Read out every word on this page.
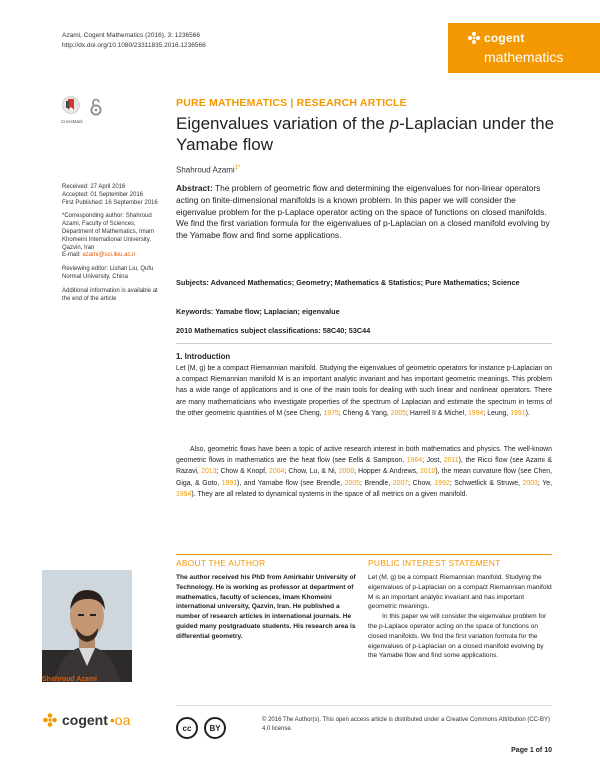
Azami, Cogent Mathematics (2016), 3: 1236566

http://dx.doi.org/10.1080/23311835.2016.1236566
cogent
mathematics
CrossMark
PURE MATHEMATICS | RESEARCH ARTICLE
Eigenvalues variation of the p-Laplacian under the Yamabe flow
Shahroud Azami$^{1*}$

Received: 27 April 2016
Accepted: 01 September 2016
First Published: 16 September 2016

*Corresponding author: Shahroud Azami, Faculty of Sciences, Department of Mathematics, Imam Khomeini International University, Qazvin, Iran
E-mail: azami@sci.ikiu.ac.ir

Reviewing editor: Lishan Liu, Qufu Normal University, China

Additional information is available at the end of the article

Abstract: The problem of geometric flow and determining the eigenvalues for non-linear operators acting on finite-dimensional manifolds is a known problem. In this paper we will consider the eigenvalue problem for the p-Laplace operator acting on the space of functions on closed manifolds. We find the first variation formula for the eigenvalues of p-Laplacian on a closed manifold evolving by the Yamabe flow and find some applications.
Subjects: Advanced Mathematics; Geometry; Mathematics & Statistics; Pure Mathematics; Science
Keywords: Yamabe flow; Laplacian; eigenvalue
2010 Mathematics subject classifications: 58C40; 53C44
1. Introduction
Let (M, g) be a compact Riemannian manifold. Studying the eigenvalues of geometric operators for instance p-Laplacian on a compact Riemannian manifold M is an important analytic invariant and has important geometric meanings. This problem has a wide range of applications and is one of the main tools for dealing with such linear and nonlinear operators. There are many mathematicians who investigate properties of the spectrum of Laplacian and estimate the spectrum in terms of the other geometric quantities of M (see Cheng, 1975; Cheng & Yang, 2005; Harrell II & Michel, 1994; Leung, 1991).
Also, geometric flows have been a topic of active research interest in both mathematics and physics. The well-known geometric flows in mathematics are the heat flow (see Eells & Sampson, 1964; Jost, 2011), the Ricci flow (see Azami & Razavi, 2013; Chow & Knopf, 2004; Chow, Lu, & Ni, 2006; Hopper & Andrews, 2010), the mean curvature flow (see Chen, Giga, & Goto, 1991), and Yamabe flow (see Brendle, 2005; Brendle, 2007; Chow, 1992; Schwetlick & Struwe, 2003; Ye, 1994). They are all related to dynamical systems in the space of all metrics on a given manifold.
ABOUT THE AUTHOR	PUBLIC INTEREST STATEMENT
Shahroud Azami
The author received his PhD from Amirkabir University of Technology. He is working as professor at department of mathematics, faculty of sciences, Imam Khomeini international university, Qazvin, Iran. He published a number of research articles in international journals. He guided many postgraduate students. His research area is differential geometry.
Let (M, g) be a compact Riemannian manifold. Studying the eigenvalues of p-Laplacian on a compact Riemannian manifold M is an important analytic invariant and has important geometric meanings.
In this paper we will consider the eigenvalue problem for the p-Laplace operator acting on the space of functions on closed manifolds. We find the first variation formula for the eigenvalues of p-Laplacian on a closed manifold evolving by the Yamabe flow and find some applications.
cogent •oa	cc	BY
© 2016 The Author(s). This open access article is distributed under a Creative Commons Attribution (CC-BY) 4.0 license.
Page 1 of 10
